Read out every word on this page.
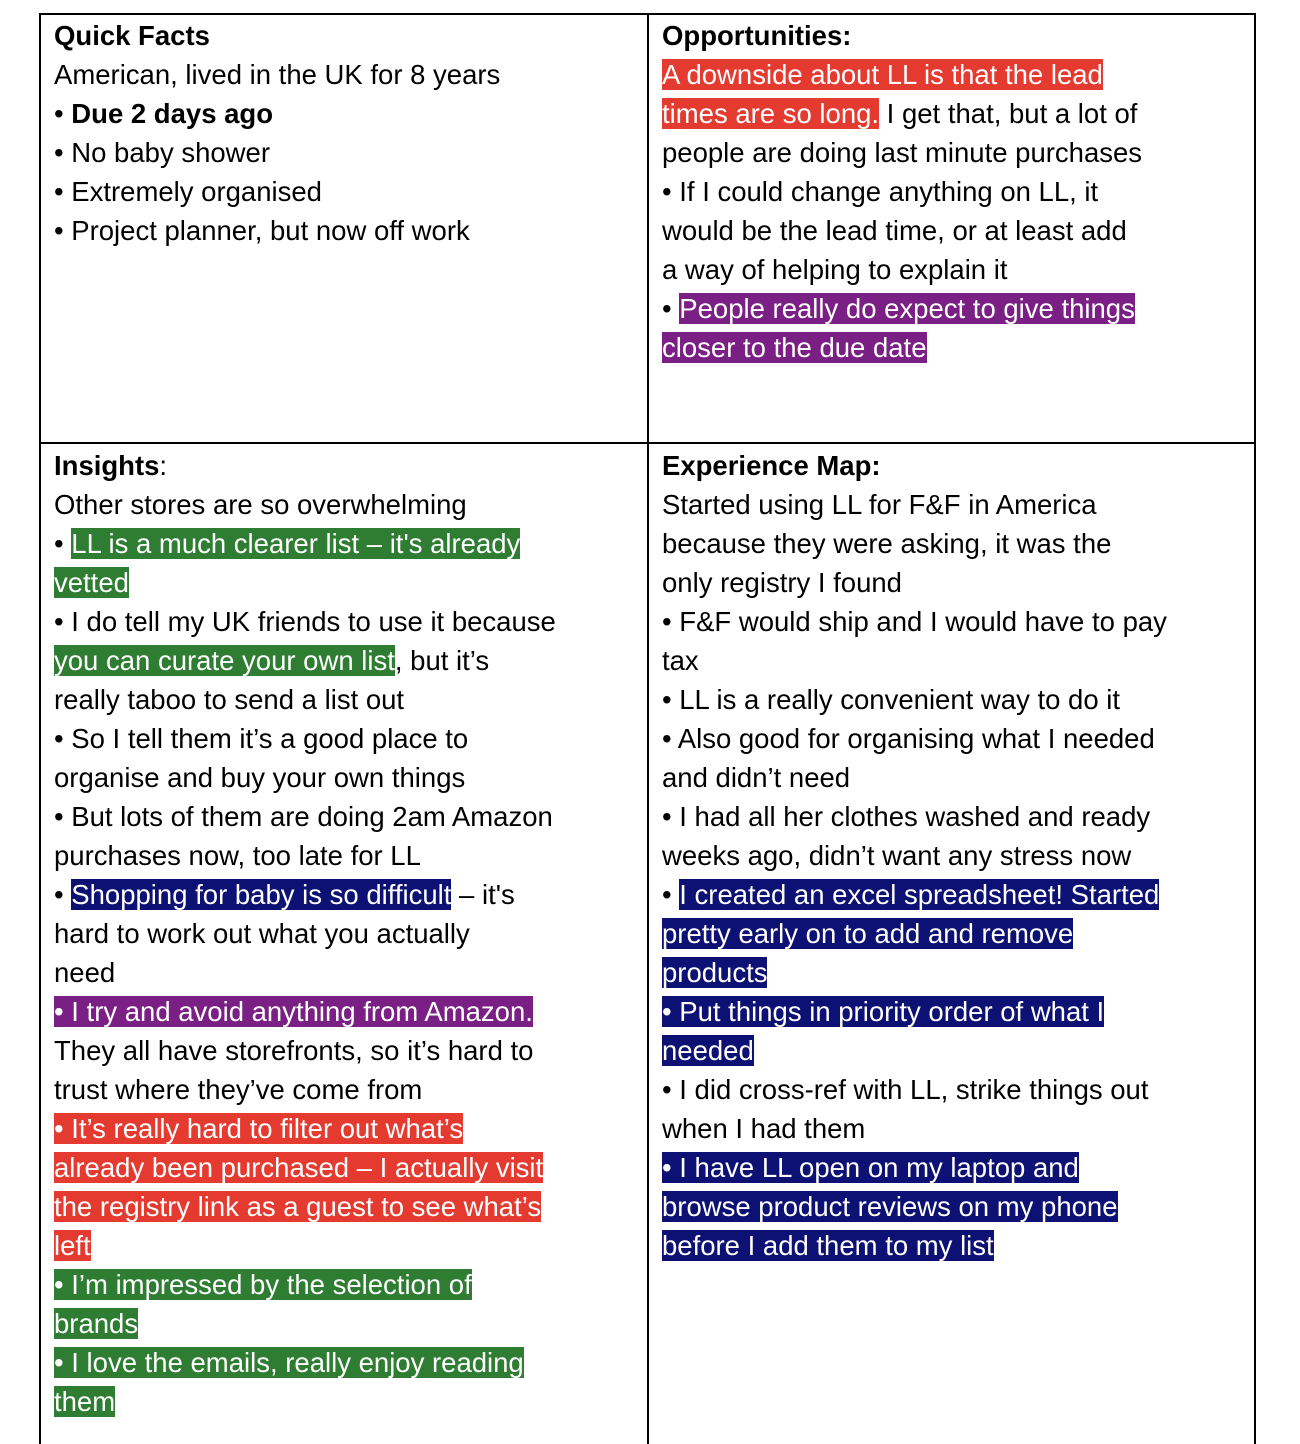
Quick Facts
American, lived in the UK for 8 years
• Due 2 days ago
• No baby shower
• Extremely organised
• Project planner, but now off work
Opportunities:
A downside about LL is that the lead
times are so long. I get that, but a lot of
people are doing last minute purchases
• If I could change anything on LL, it
would be the lead time, or at least add
a way of helping to explain it
• People really do expect to give things
closer to the due date
Insights:
Other stores are so overwhelming
• LL is a much clearer list – it's already
vetted
• I do tell my UK friends to use it because
you can curate your own list, but it’s
really taboo to send a list out
• So I tell them it’s a good place to
organise and buy your own things
• But lots of them are doing 2am Amazon
purchases now, too late for LL
• Shopping for baby is so difficult – it's
hard to work out what you actually
need
• I try and avoid anything from Amazon.
They all have storefronts, so it’s hard to
trust where they’ve come from
• It’s really hard to filter out what’s
already been purchased – I actually visit
the registry link as a guest to see what’s
left
• I’m impressed by the selection of
brands
• I love the emails, really enjoy reading
them
Experience Map:
Started using LL for F&F in America
because they were asking, it was the
only registry I found
• F&F would ship and I would have to pay
tax
• LL is a really convenient way to do it
• Also good for organising what I needed
and didn’t need
• I had all her clothes washed and ready
weeks ago, didn’t want any stress now
• I created an excel spreadsheet! Started
pretty early on to add and remove
products
• Put things in priority order of what I
needed
• I did cross-ref with LL, strike things out
when I had them
• I have LL open on my laptop and
browse product reviews on my phone
before I add them to my list
